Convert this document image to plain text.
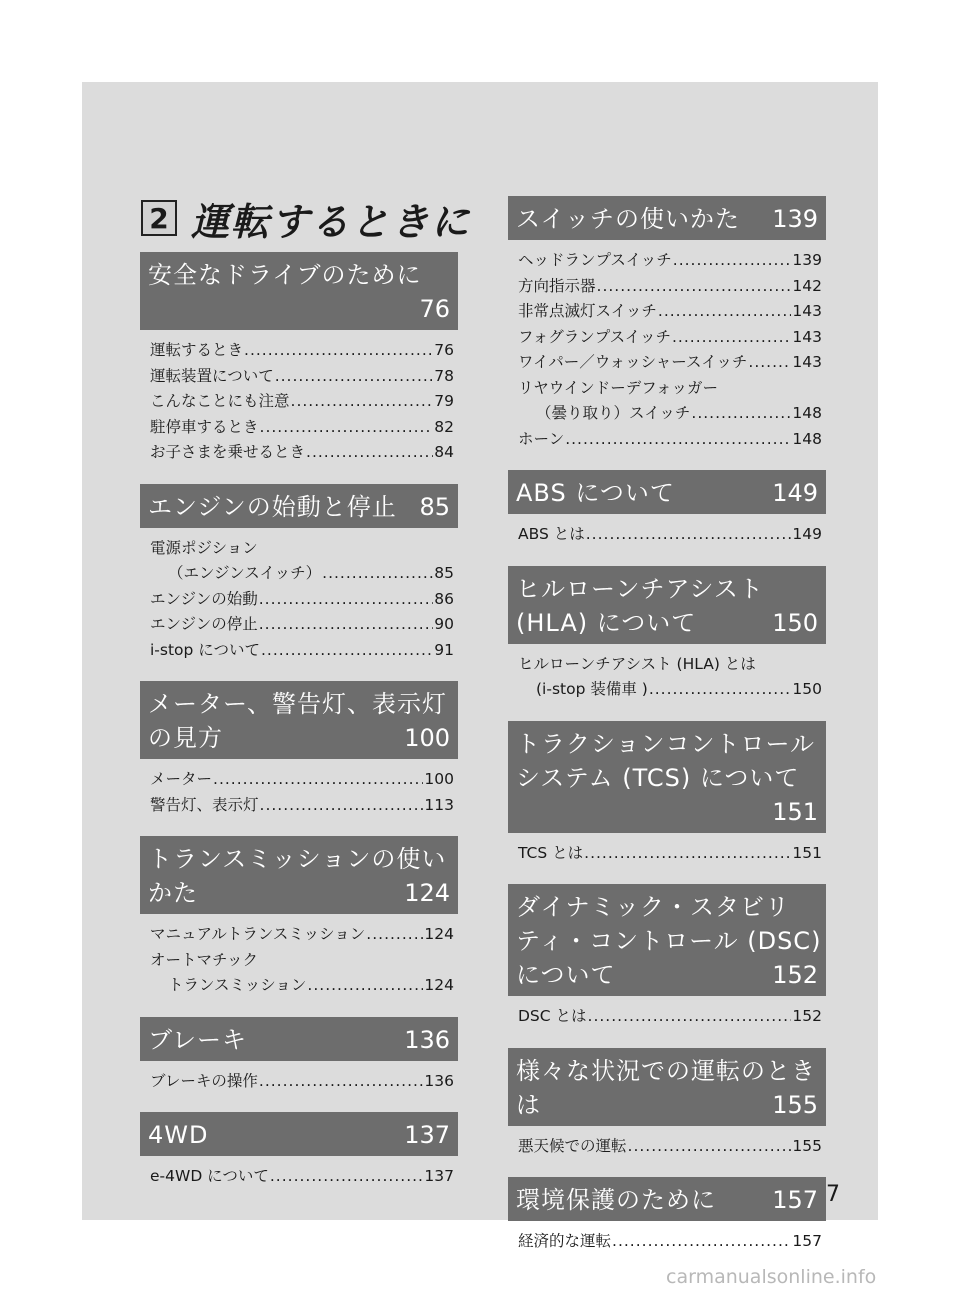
2 運転するときに
安全なドライブのために
76
運転するとき .....	76
運転装置について .....	78
こんなことにも注意 .....	79
駐停車するとき .....	82
お子さまを乗せるとき .....	84
エンジンの始動と停止 85
電源ポジション
（エンジンスイッチ） .....	85
エンジンの始動 .....	86
エンジンの停止 .....	90
i-stop について .....	91
メーター、警告灯、表示灯
の見方	100
メーター .....	100
警告灯、表示灯 .....	113
トランスミッションの使い
かた	124
マニュアルトランスミッション .....	124
オートマチック
トランスミッション .....	124
ブレーキ	136
ブレーキの操作 .....	136
4WD	137
e-4WD について .....	137
スイッチの使いかた 139
ヘッドランプスイッチ .....	139
方向指示器 .....	142
非常点滅灯スイッチ .....	143
フォグランプスイッチ .....	143
ワイパー／ウォッシャースイッチ .....	143
リヤウインドーデフォッガー
（曇り取り）スイッチ .....	148
ホーン .....	148
ABS について	149
ABS とは .....	149
ヒルローンチアシスト
(HLA) について	150
ヒルローンチアシスト (HLA) とは
(i-stop 装備車 ) .....	150
トラクションコントロール
システム (TCS) について
151
TCS とは .....	151
ダイナミック・スタビリ
ティ・コントロール (DSC)
について	152
DSC とは .....	152
様々な状況での運転のとき
は	155
悪天候での運転 .....	155
環境保護のために 157
経済的な運転 .....	157
7
carmanualsonline.info
